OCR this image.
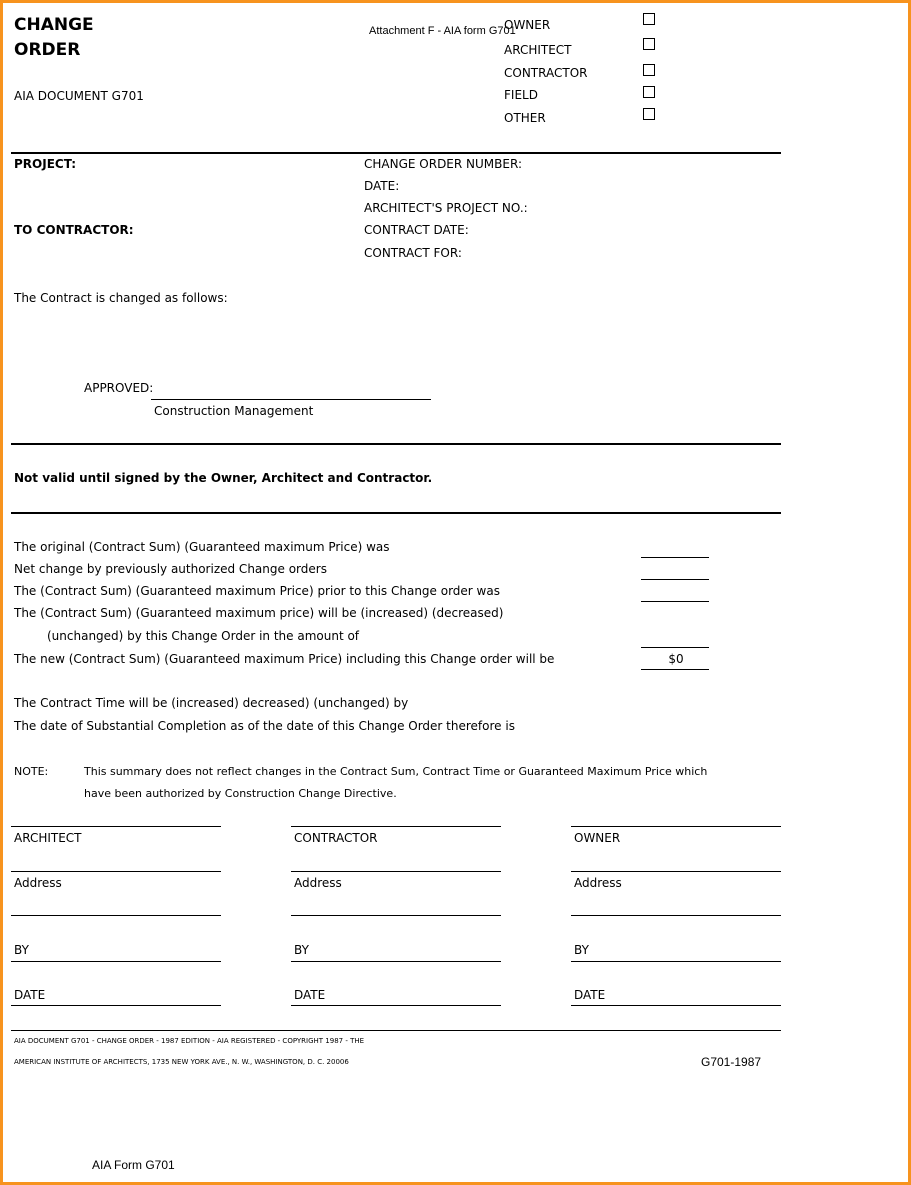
CHANGE
ORDER
AIA DOCUMENT G701
Attachment F - AIA form G701
OWNER
ARCHITECT
CONTRACTOR
FIELD
OTHER
PROJECT:
TO CONTRACTOR:
CHANGE ORDER NUMBER:
DATE:
ARCHITECT'S PROJECT NO.:
CONTRACT DATE:
CONTRACT FOR:
The Contract is changed as follows:
APPROVED:
Construction Management
Not valid until signed by the Owner, Architect and Contractor.
The original (Contract Sum) (Guaranteed maximum Price) was
Net change by previously authorized Change orders
The (Contract Sum) (Guaranteed maximum Price) prior to this Change order was
The (Contract Sum) (Guaranteed maximum price) will be (increased) (decreased)
(unchanged) by this Change Order in the amount of
The new (Contract Sum) (Guaranteed maximum Price) including this Change order will be	$0
The Contract Time will be (increased) decreased) (unchanged) by
The date of Substantial Completion as of the date of this Change Order therefore is
NOTE:	This summary does not reflect changes in the Contract Sum, Contract Time or Guaranteed Maximum Price which
have been authorized by Construction Change Directive.
ARCHITECT
Address
BY
DATE
CONTRACTOR
Address
BY
DATE
OWNER
Address
BY
DATE
AIA DOCUMENT G701 - CHANGE ORDER - 1987 EDITION - AIA REGISTERED - COPYRIGHT 1987 - THE
AMERICAN INSTITUTE OF ARCHITECTS, 1735 NEW YORK AVE., N. W., WASHINGTON, D. C. 20006	G701-1987
AIA Form G701
